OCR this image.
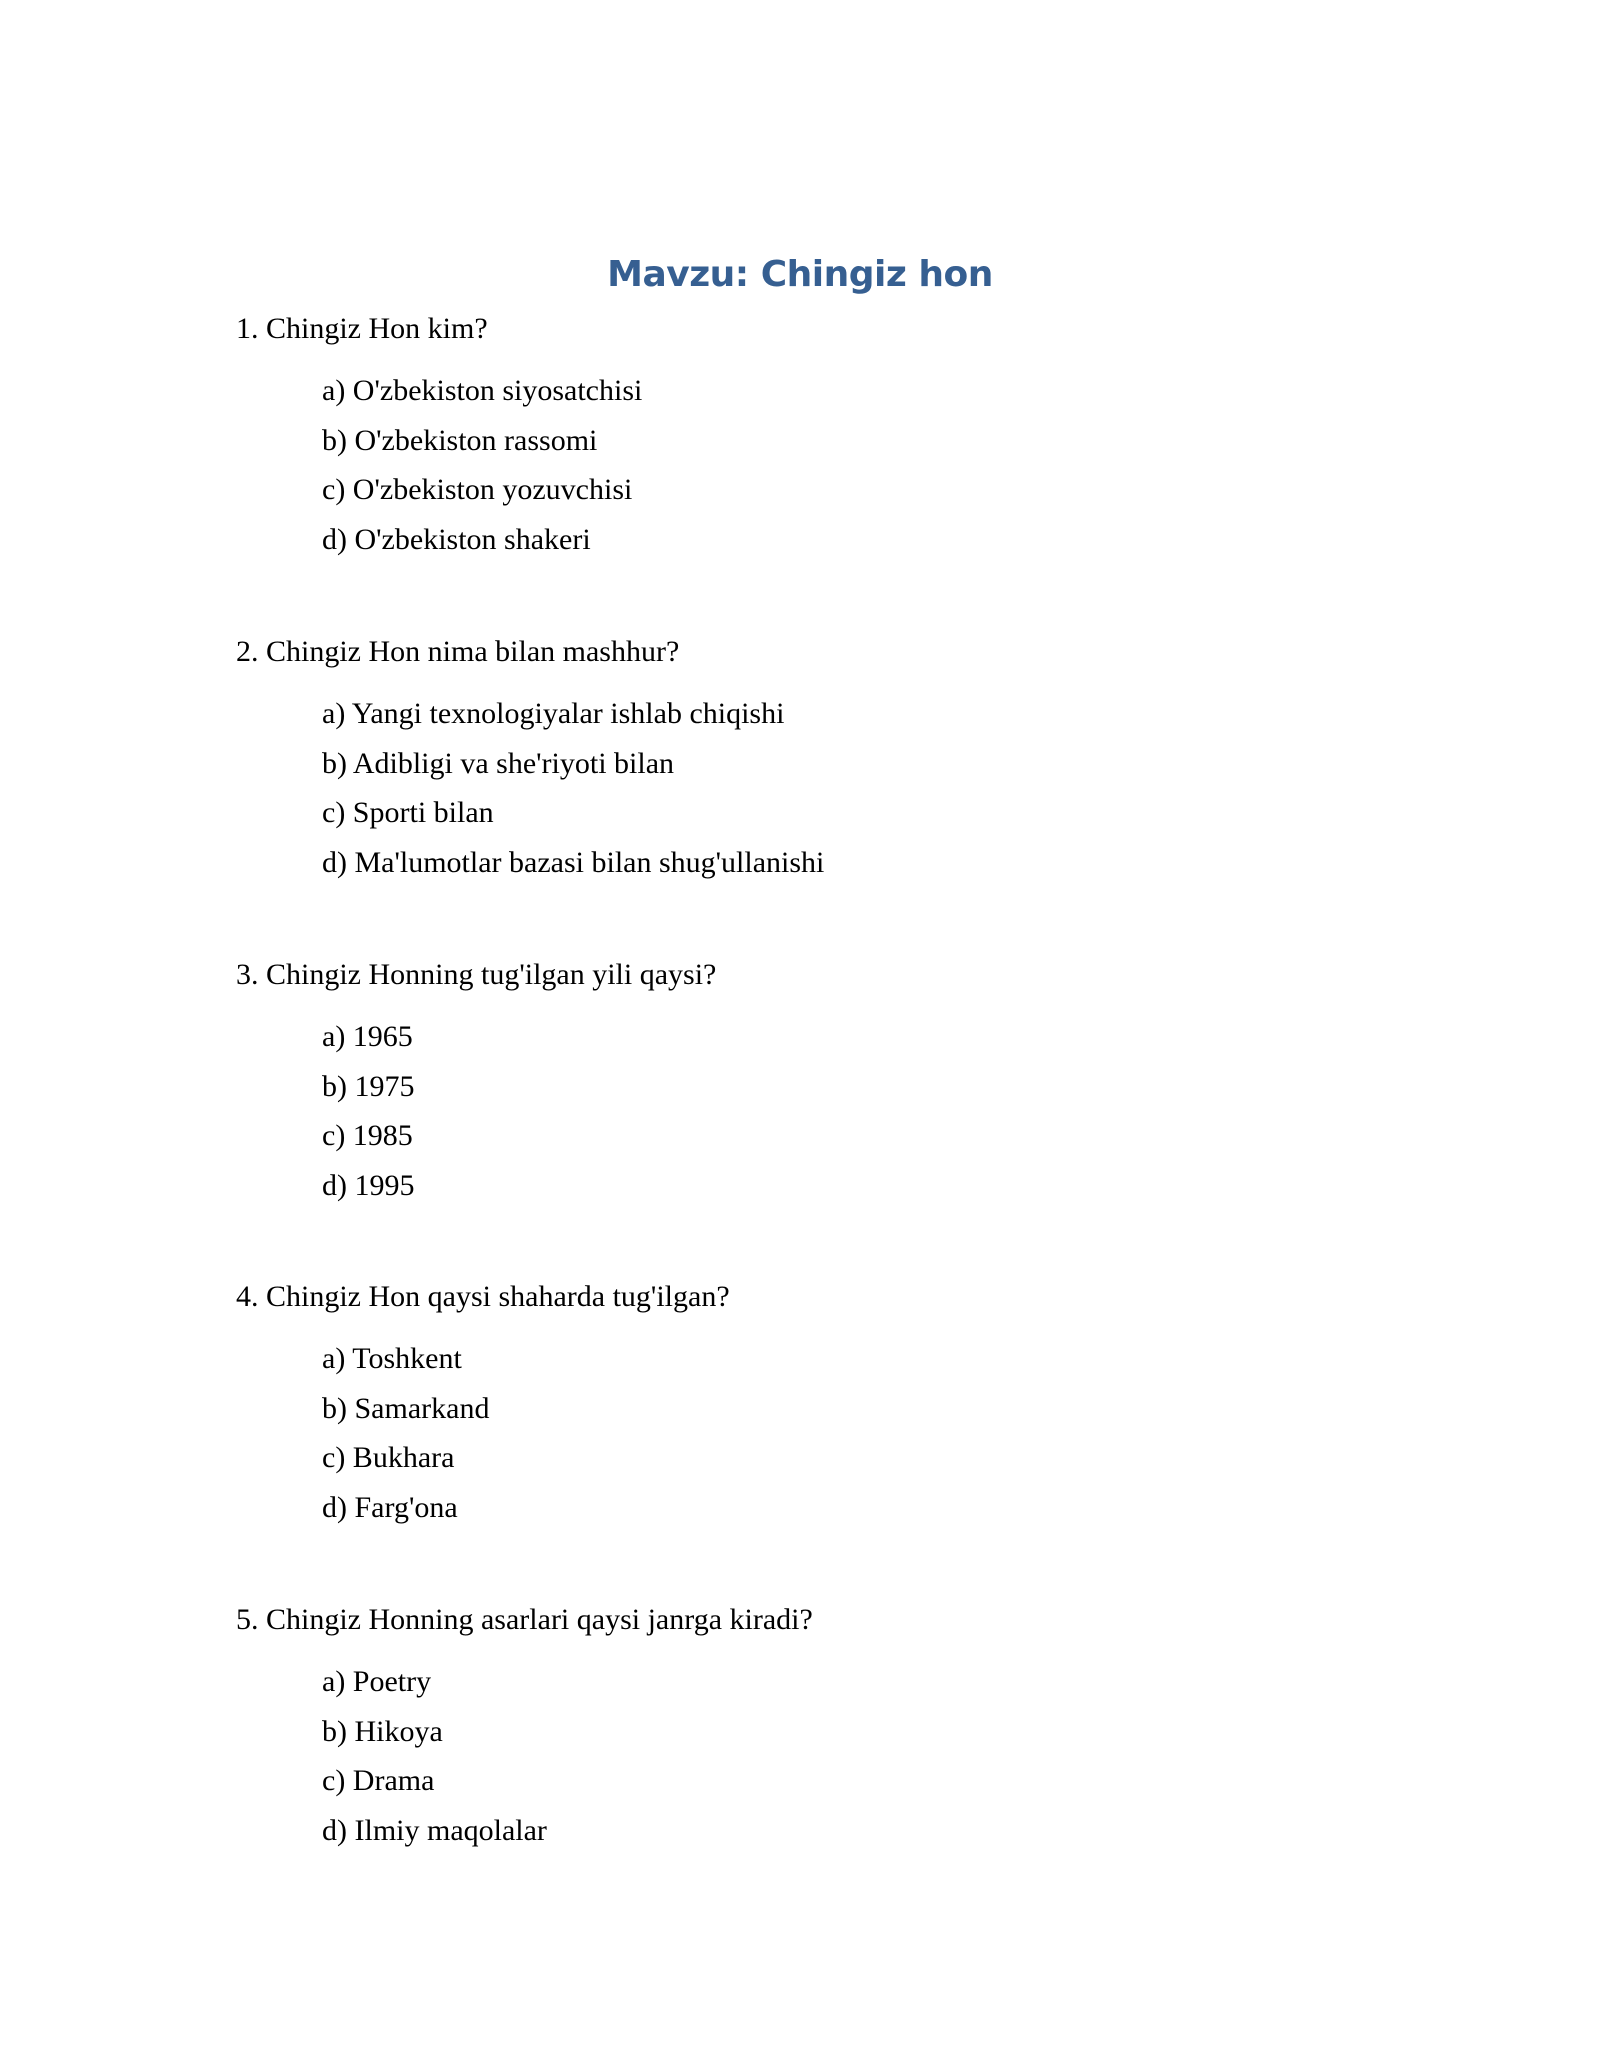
Mavzu: Chingiz hon

1. Chingiz Hon kim?

a) O'zbekiston siyosatchisi
b) O'zbekiston rassomi
c) O'zbekiston yozuvchisi
d) O'zbekiston shakeri

2. Chingiz Hon nima bilan mashhur?

a) Yangi texnologiyalar ishlab chiqishi
b) Adibligi va she'riyoti bilan
c) Sporti bilan
d) Ma'lumotlar bazasi bilan shug'ullanishi

3. Chingiz Honning tug'ilgan yili qaysi?

a) 1965
b) 1975
c) 1985
d) 1995

4. Chingiz Hon qaysi shaharda tug'ilgan?

a) Toshkent
b) Samarkand
c) Bukhara
d) Farg'ona

5. Chingiz Honning asarlari qaysi janrga kiradi?

a) Poetry
b) Hikoya
c) Drama
d) Ilmiy maqolalar
